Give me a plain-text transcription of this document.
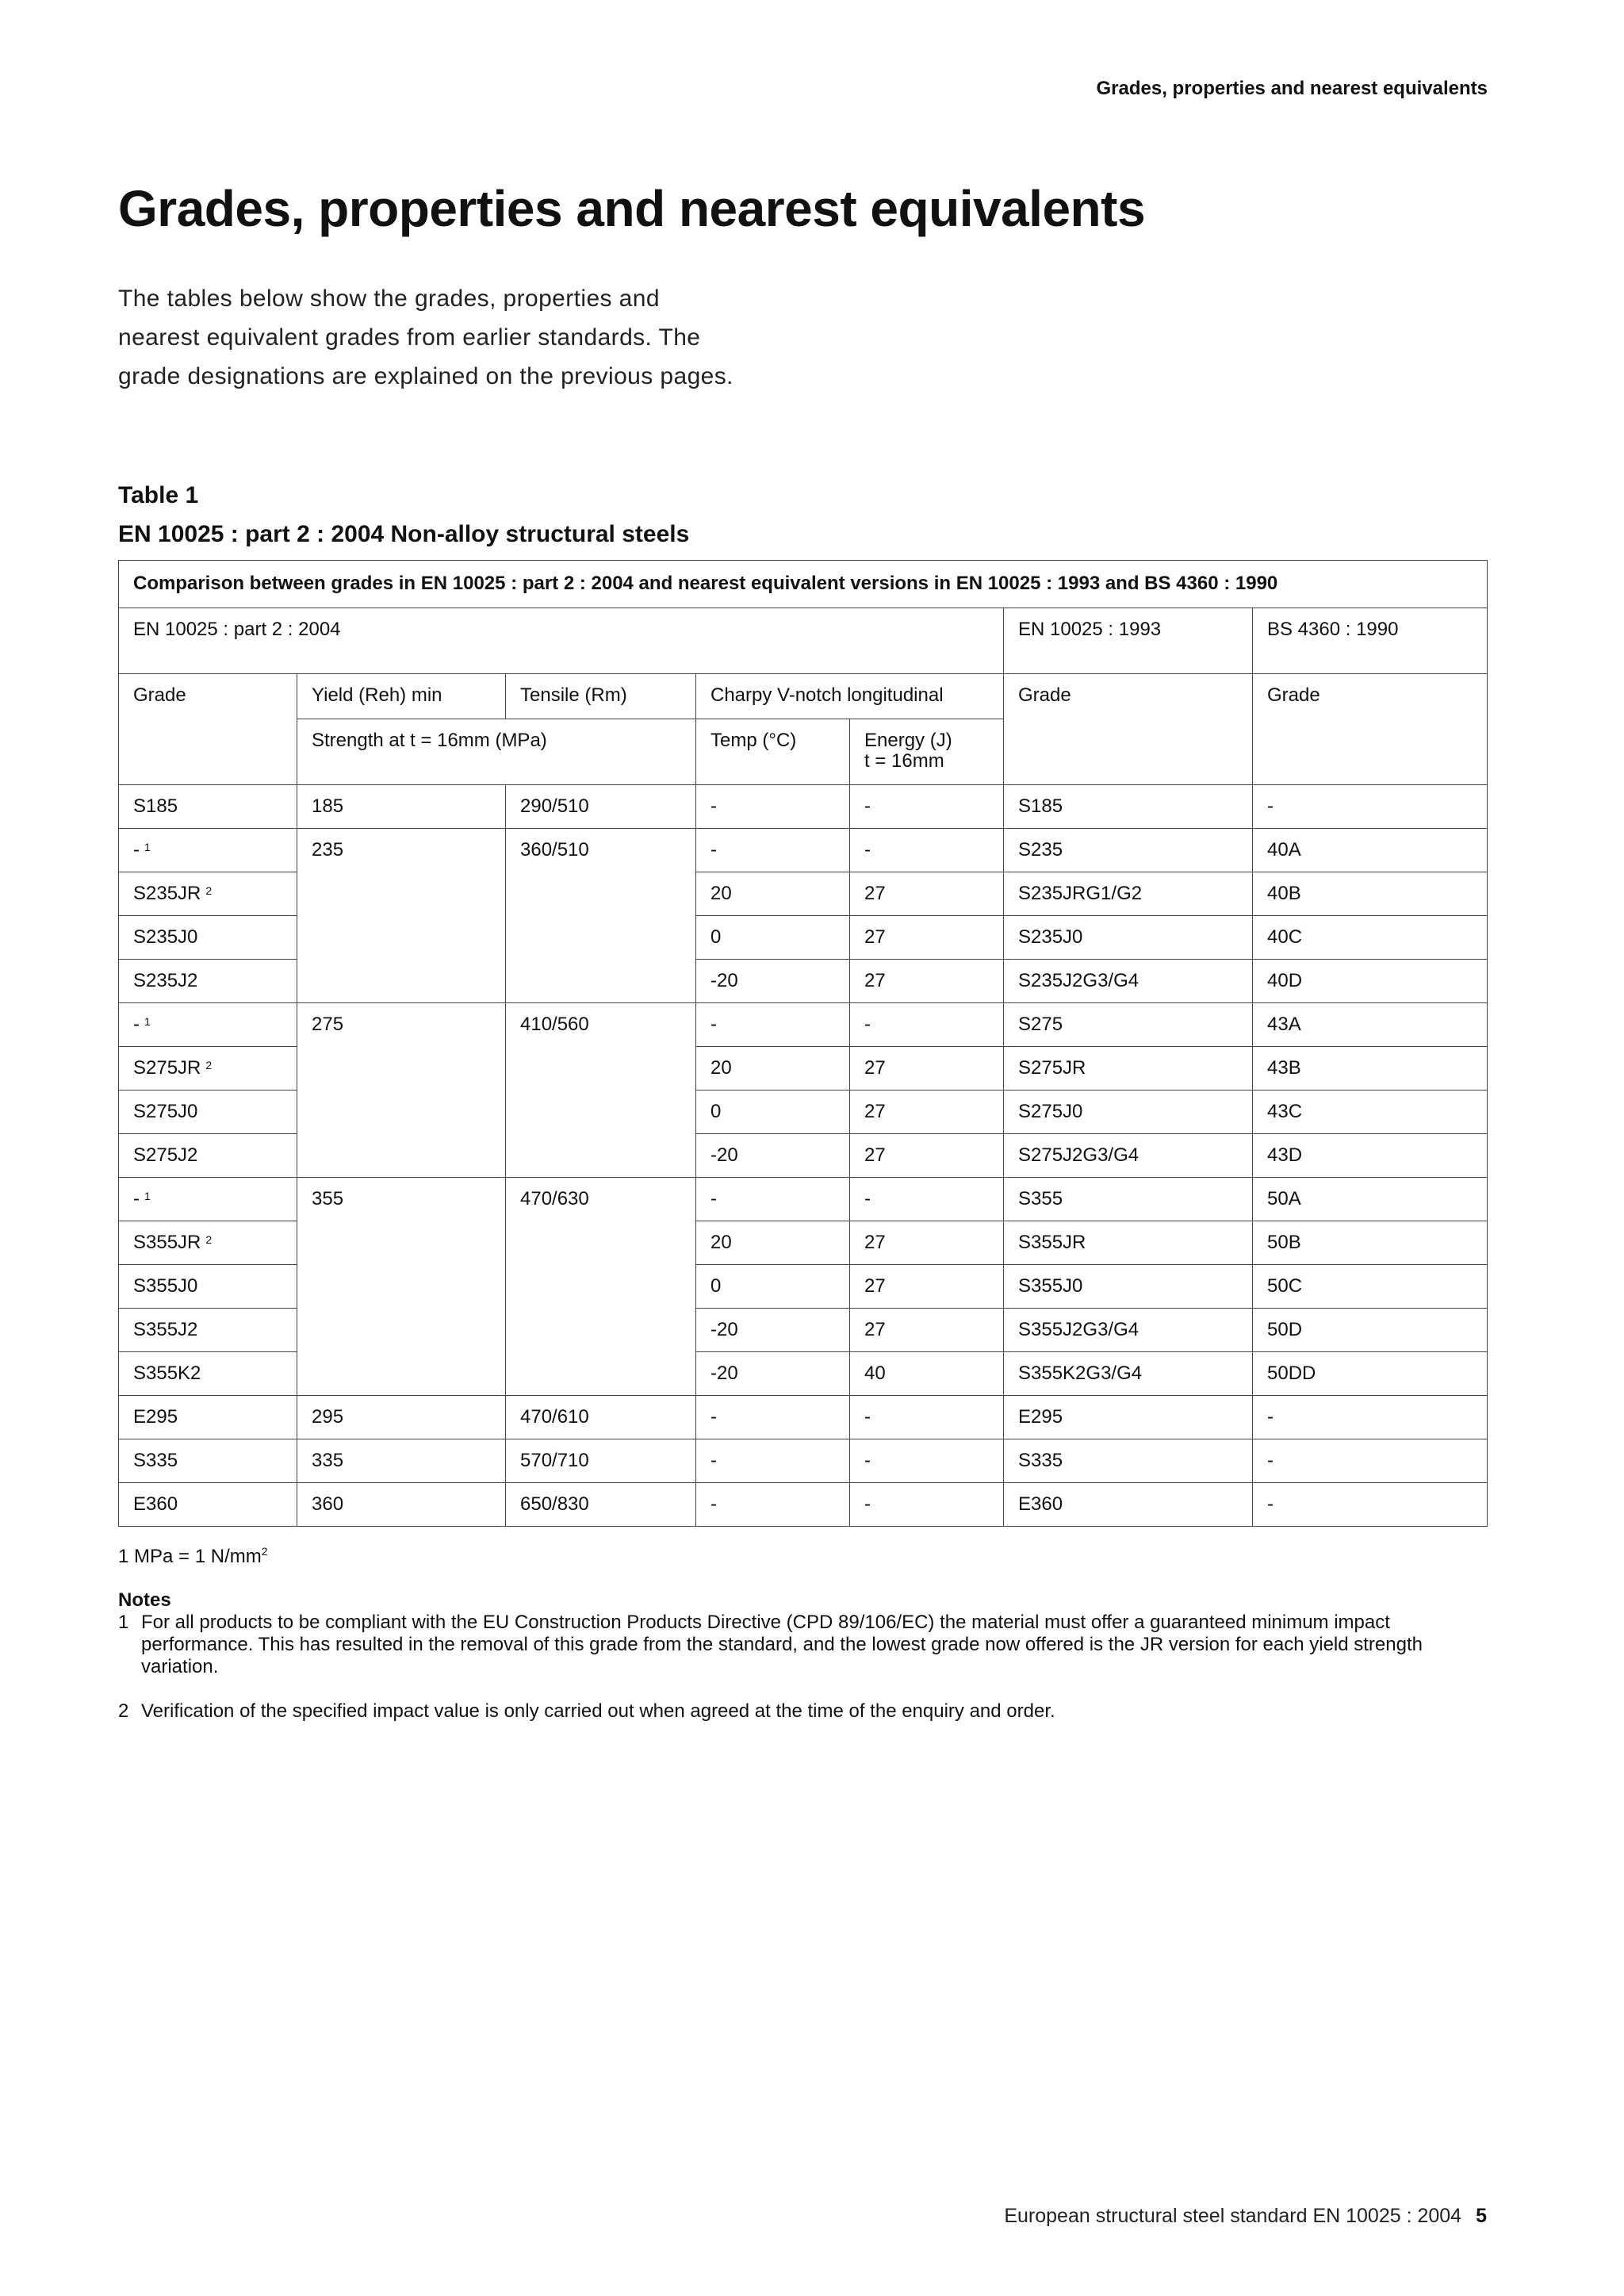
Grades, properties and nearest equivalents
Grades, properties and nearest equivalents

The tables below show the grades, properties and nearest equivalent grades from earlier standards. The grade designations are explained on the previous pages.

Table 1
EN 10025 : part 2 : 2004 Non-alloy structural steels
Comparison between grades in EN 10025 : part 2 : 2004 and nearest equivalent versions in EN 10025 : 1993 and BS 4360 : 1990						
EN 10025 : part 2 : 2004					EN 10025 : 1993	BS 4360 : 1990
Grade	Yield (Reh) min	Tensile (Rm)	Charpy V-notch longitudinal		Grade	Grade
	Strength at t = 16mm (MPa)		Temp (°C)	Energy (J)
t = 16mm		

S185	185	290/510	-	-	S185	-
- $^1$	235	360/510	-	-	S235	40A
S235JR $^2$			20	27	S235JRG1/G2	40B
S235J0			0	27	S235J0	40C
S235J2			-20	27	S235J2G3/G4	40D
- $^1$	275	410/560	-	-	S275	43A
S275JR $^2$			20	27	S275JR	43B
S275J0			0	27	S275J0	43C
S275J2			-20	27	S275J2G3/G4	43D
- $^1$	355	470/630	-	-	S355	50A
S355JR $^2$			20	27	S355JR	50B
S355J0			0	27	S355J0	50C
S355J2			-20	27	S355J2G3/G4	50D
S355K2			-20	40	S355K2G3/G4	50DD
E295	295	470/610	-	-	E295	-
S335	335	570/710	-	-	S335	-
E360	360	650/830	-	-	E360	-

1 MPa = 1 $N/mm^2$

Notes
1 For all products to be compliant with the EU Construction Products Directive (CPD 89/106/EC) the material must offer a guaranteed minimum impact performance. This has resulted in the removal of this grade from the standard, and the lowest grade now offered is the JR version for each yield strength variation.
2 Verification of the specified impact value is only carried out when agreed at the time of the enquiry and order.
European structural steel standard EN 10025 : 2004 5
